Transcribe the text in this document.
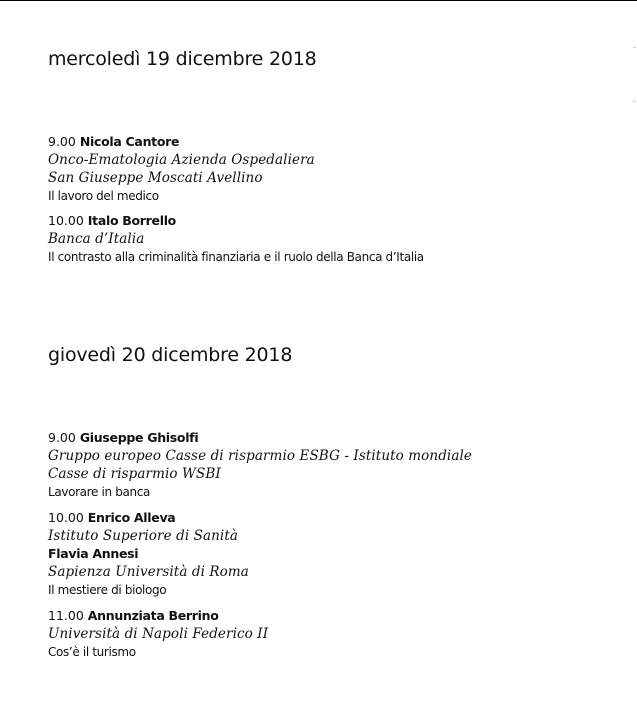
mercoledì 19 dicembre 2018
9.00 Nicola Cantore
Onco-Ematologia Azienda Ospedaliera
San Giuseppe Moscati Avellino
Il lavoro del medico
10.00 Italo Borrello
Banca d’Italia
Il contrasto alla criminalità finanziaria e il ruolo della Banca d’Italia
giovedì 20 dicembre 2018
9.00 Giuseppe Ghisolfi
Gruppo europeo Casse di risparmio ESBG - Istituto mondiale
Casse di risparmio WSBI
Lavorare in banca
10.00 Enrico Alleva
Istituto Superiore di Sanità
Flavia Annesi
Sapienza Università di Roma
Il mestiere di biologo
11.00 Annunziata Berrino
Università di Napoli Federico II
Cos’è il turismo
